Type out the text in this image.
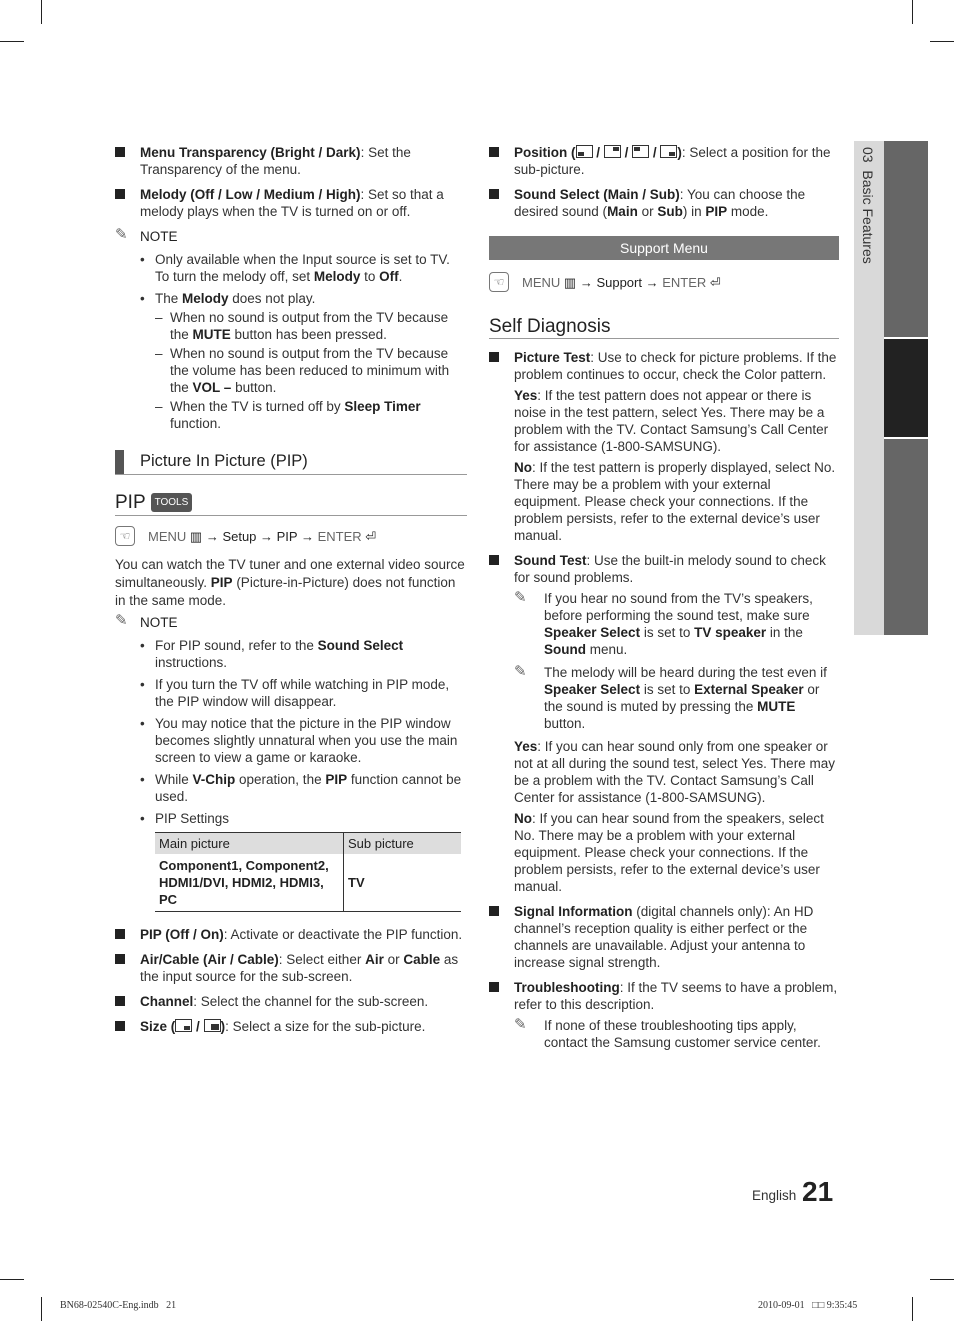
03  Basic Features
Menu Transparency (Bright / Dark): Set the Transparency of the menu.
Melody (Off / Low / Medium / High): Set so that a melody plays when the TV is turned on or off.
✎ NOTE
• Only available when the Input source is set to TV.
To turn the melody off, set Melody to Off.
• The Melody does not play.
– When no sound is output from the TV because the MUTE button has been pressed.
– When no sound is output from the TV because the volume has been reduced to minimum with the VOL – button.
– When the TV is turned off by Sleep Timer function.
Picture In Picture (PIP)
PIP TOOLS
☜	MENU ▥ → Setup → PIP → ENTER ⏎
You can watch the TV tuner and one external video source simultaneously. PIP (Picture-in-Picture) does not function in the same mode.
✎ NOTE
• For PIP sound, refer to the Sound Select instructions.
• If you turn the TV off while watching in PIP mode, the PIP window will disappear.
• You may notice that the picture in the PIP window becomes slightly unnatural when you use the main screen to view a game or karaoke.
• While V-Chip operation, the PIP function cannot be used.
• PIP Settings
Main picture	Sub picture
Component1, Component2, HDMI1/DVI, HDMI2, HDMI3, PC	TV
PIP (Off / On): Activate or deactivate the PIP function.
Air/Cable (Air / Cable): Select either Air or Cable as the input source for the sub-screen.
Channel: Select the channel for the sub-screen.
Size ( / ): Select a size for the sub-picture.
Position ( / / / ): Select a position for the sub-picture.
Sound Select (Main / Sub): You can choose the desired sound (Main or Sub) in PIP mode.
Support Menu
☜	MENU ▥ → Support → ENTER ⏎
Self Diagnosis
Picture Test: Use to check for picture problems. If the problem continues to occur, check the Color pattern.
Yes: If the test pattern does not appear or there is noise in the test pattern, select Yes. There may be a problem with the TV. Contact Samsung’s Call Center for assistance (1-800-SAMSUNG).
No: If the test pattern is properly displayed, select No. There may be a problem with your external equipment. Please check your connections. If the problem persists, refer to the external device’s user manual.
Sound Test: Use the built-in melody sound to check for sound problems.
✎ If you hear no sound from the TV’s speakers, before performing the sound test, make sure Speaker Select is set to TV speaker in the Sound menu.
✎ The melody will be heard during the test even if Speaker Select is set to External Speaker or the sound is muted by pressing the MUTE button.
Yes: If you can hear sound only from one speaker or not at all during the sound test, select Yes. There may be a problem with the TV. Contact Samsung’s Call Center for assistance (1-800-SAMSUNG).
No: If you can hear sound from the speakers, select No. There may be a problem with your external equipment. Please check your connections. If the problem persists, refer to the external device’s user manual.
Signal Information (digital channels only): An HD channel’s reception quality is either perfect or the channels are unavailable. Adjust your antenna to increase signal strength.
Troubleshooting: If the TV seems to have a problem, refer to this description.
✎ If none of these troubleshooting tips apply, contact the Samsung customer service center.
English 21
BN68-02540C-Eng.indb   21	2010-09-01   □□ 9:35:45
